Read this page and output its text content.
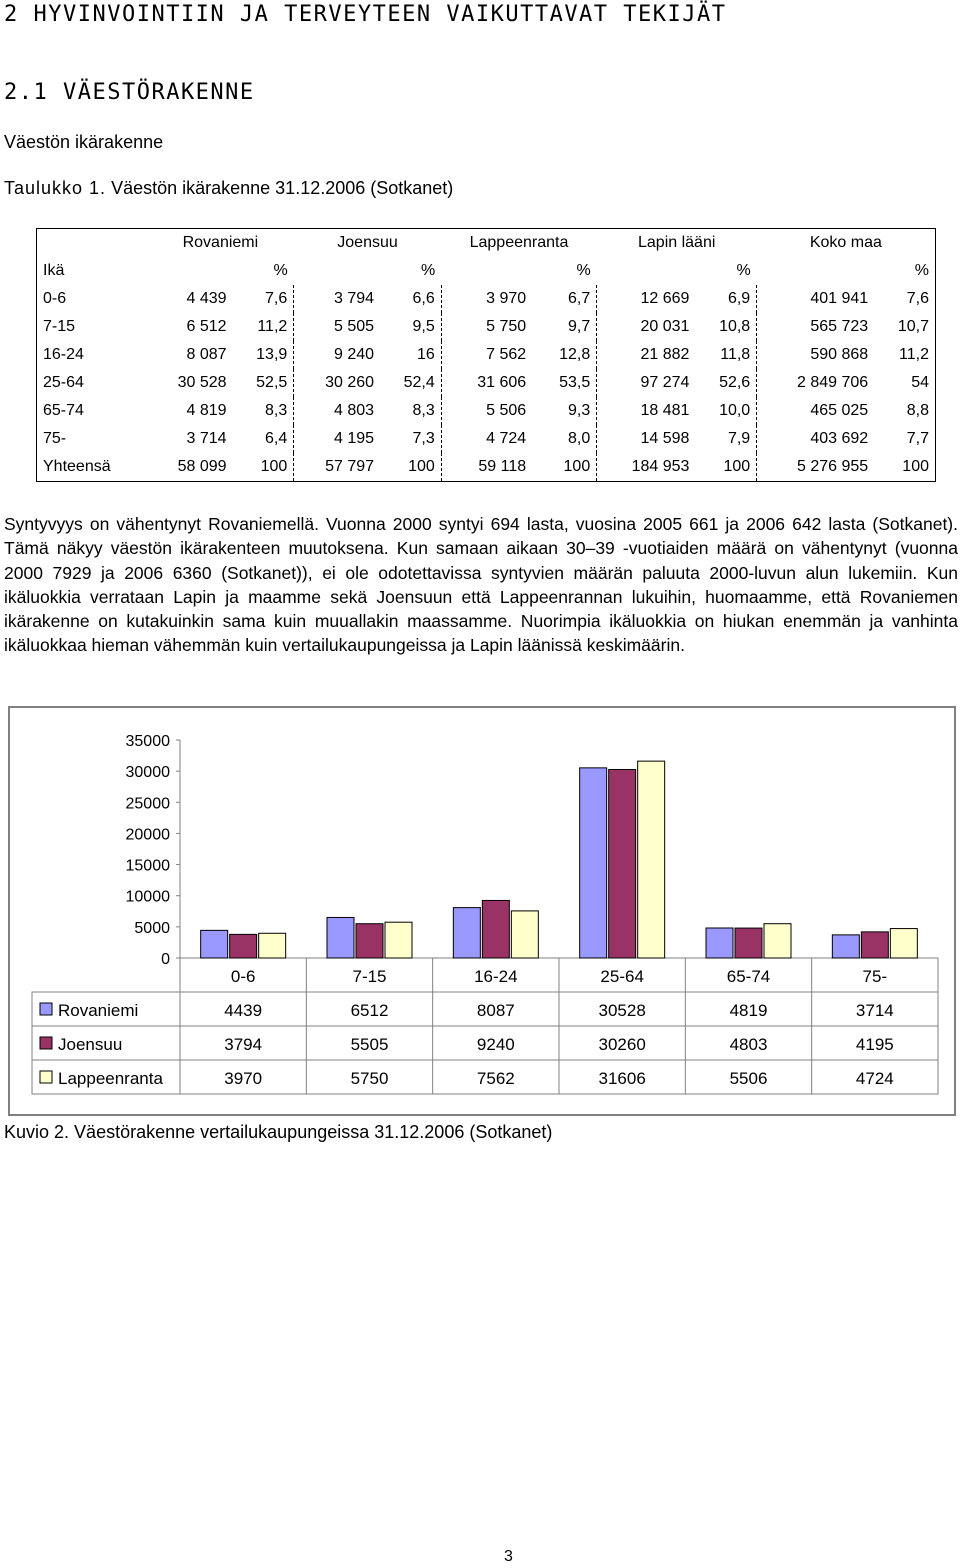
2 HYVINVOINTIIN JA TERVEYTEEN VAIKUTTAVAT TEKIJÄT
2.1 VÄESTÖRAKENNE
Väestön ikärakenne
Taulukko 1. Väestön ikärakenne 31.12.2006 (Sotkanet)
	Rovaniemi		Joensuu		Lappeenranta		Lapin lääni		Koko maa	
Ikä		%		%		%		%		%
0-6	4 439	7,6	3 794	6,6	3 970	6,7	12 669	6,9	401 941	7,6
7-15	6 512	11,2	5 505	9,5	5 750	9,7	20 031	10,8	565 723	10,7
16-24	8 087	13,9	9 240	16	7 562	12,8	21 882	11,8	590 868	11,2
25-64	30 528	52,5	30 260	52,4	31 606	53,5	97 274	52,6	2 849 706	54
65-74	4 819	8,3	4 803	8,3	5 506	9,3	18 481	10,0	465 025	8,8
75-	3 714	6,4	4 195	7,3	4 724	8,0	14 598	7,9	403 692	7,7
Yhteensä	58 099	100	57 797	100	59 118	100	184 953	100	5 276 955	100
Syntyvyys on vähentynyt Rovaniemellä. Vuonna 2000 syntyi 694 lasta, vuosina 2005 661 ja 2006 642 lasta (Sotkanet). Tämä näkyy väestön ikärakenteen muutoksena. Kun samaan aikaan 30–39 -vuotiaiden määrä on vähentynyt (vuonna 2000 7929 ja 2006 6360 (Sotkanet)), ei ole odotettavissa syntyvien määrän paluuta 2000-luvun alun lukemiin. Kun ikäluokkia verrataan Lapin ja maamme sekä Joensuun että Lappeenrannan lukuihin, huomaamme, että Rovaniemen ikärakenne on kutakuinkin sama kuin muuallakin maassamme. Nuorimpia ikäluokkia on hiukan enemmän ja vanhinta ikäluokkaa hieman vähemmän kuin vertailukaupungeissa ja Lapin läänissä keskimäärin.
35000
30000
25000
20000
15000
10000
5000
0
0-6	7-15	16-24	25-64	65-74	75-
Rovaniemi	4439	6512	8087	30528	4819	3714
Joensuu	3794	5505	9240	30260	4803	4195
Lappeenranta	3970	5750	7562	31606	5506	4724
Kuvio 2. Väestörakenne vertailukaupungeissa 31.12.2006 (Sotkanet)
3
